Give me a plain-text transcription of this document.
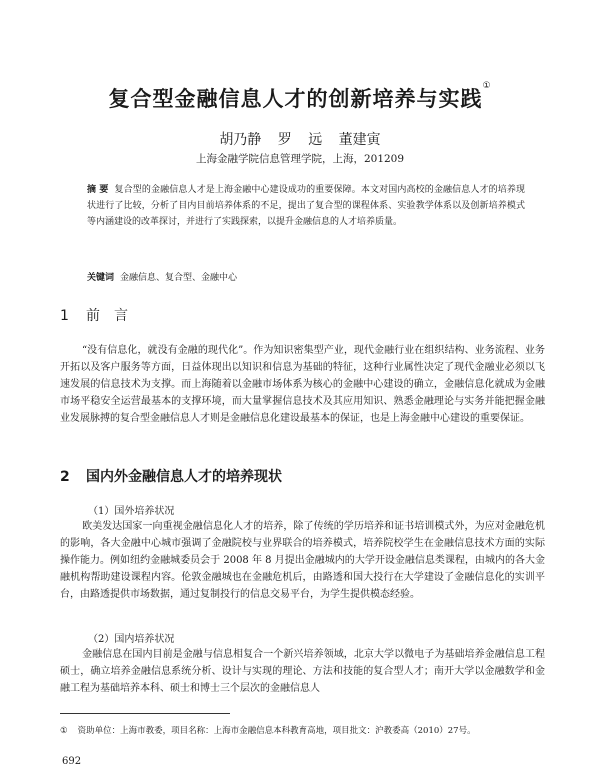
复合型金融信息人才的创新培养与实践①
胡乃静 罗 远 董建寅
上海金融学院信息管理学院，上海，201209
摘 要 复合型的金融信息人才是上海金融中心建设成功的重要保障。本文对国内高校的金融信息人才的培养现状进行了比较，分析了目内目前培养体系的不足，提出了复合型的课程体系、实验教学体系以及创新培养模式等内涵建设的改革探讨，并进行了实践探索，以提升金融信息的人才培养质量。
关键词 金融信息、复合型、金融中心
1 前言

“没有信息化，就没有金融的现代化”。作为知识密集型产业，现代金融行业在组织结构、业务流程、业务开拓以及客户服务等方面，日益体现出以知识和信息为基础的特征，这种行业属性决定了现代金融业必须以飞速发展的信息技术为支撑。而上海随着以金融市场体系为核心的金融中心建设的确立，金融信息化就成为金融市场平稳安全运营最基本的支撑环境，而大量掌握信息技术及其应用知识、熟悉金融理论与实务并能把握金融业发展脉搏的复合型金融信息人才则是金融信息化建设最基本的保证，也是上海金融中心建设的重要保证。

2 国内外金融信息人才的培养现状
（1）国外培养状况

欧美发达国家一向重视金融信息化人才的培养，除了传统的学历培养和证书培训模式外，为应对金融危机的影响，各大金融中心城市强调了金融院校与业界联合的培养模式，培养院校学生在金融信息技术方面的实际操作能力。例如纽约金融城委员会于 2008 年 8 月提出金融城内的大学开设金融信息类课程，由城内的各大金融机构帮助建设课程内容。伦敦金融城也在金融危机后，由路透和国大投行在大学建设了金融信息化的实训平台，由路透提供市场数据，通过复制投行的信息交易平台，为学生提供模态经验。

（2）国内培养状况

金融信息在国内目前是金融与信息相复合一个新兴培养领域，北京大学以微电子为基础培养金融信息工程硕士，确立培养金融信息系统分析、设计与实现的理论、方法和技能的复合型人才；南开大学以金融数学和金融工程为基础培养本科、硕士和博士三个层次的金融信息人

① 资助单位：上海市教委，项目名称：上海市金融信息本科教育高地，项目批文：沪教委高（2010）27号。
692
